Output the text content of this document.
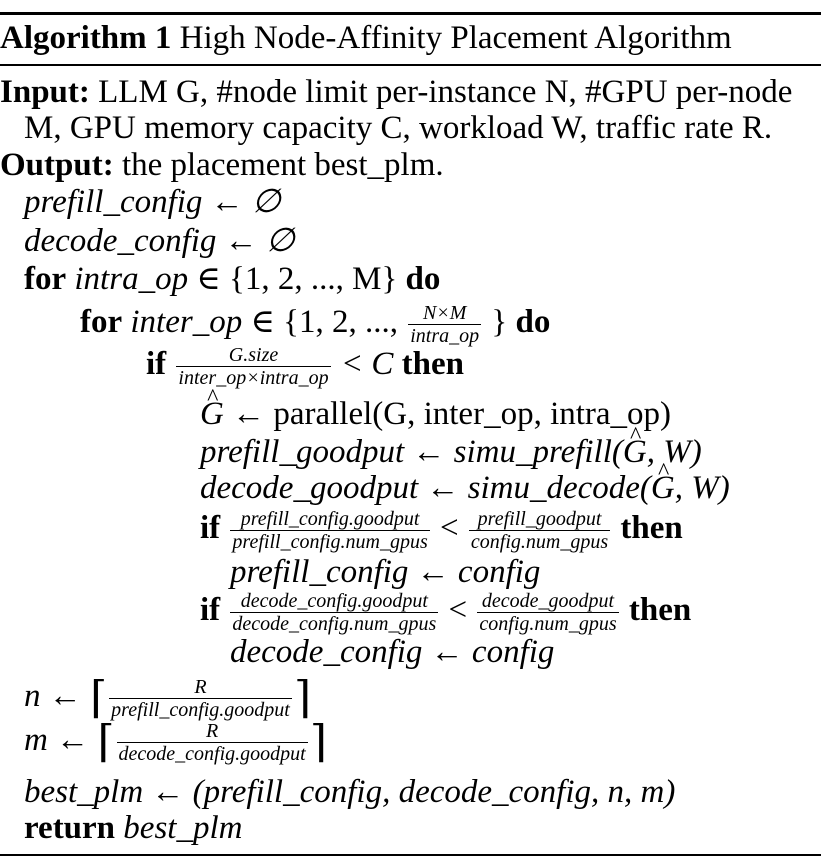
Algorithm 1 High Node-Affinity Placement Algorithm
Input: LLM G, #node limit per-instance N, #GPU per-node
M, GPU memory capacity C, workload W, traffic rate R.
Output: the placement best_plm.
prefill_config ← ∅
decode_config ← ∅
for intra_op ∈ {1, 2, ..., M} do
for inter_op ∈ {1, 2, ..., $\frac{N\times M}{\text{intra\_op}}$ } do
if $\frac{\text{G.size}}{\text{inter\_op×intra\_op}} < C$ then
^ G ← parallel(G, inter_op, intra_op)
prefill_goodput ← simu_prefill(^ G, W)
decode_goodput ← simu_decode(^ G, W)
if $\frac{\text{prefill\_config.goodput}}{\text{prefill\_config.num\_gpus}} < \frac{\text{prefill\_goodput}}{\text{config.num\_gpus}}$ then
prefill_config ← config
if $\frac{\text{decode\_config.goodput}}{\text{decode\_config.num\_gpus}} < \frac{\text{decode\_goodput}}{\text{config.num\_gpus}}$ then
decode_config ← config
n ← ⌈ $\frac{R}{\text{prefill\_config.goodput}}$ ⌉
m ← ⌈ $\frac{R}{\text{decode\_config.goodput}}$ ⌉
best_plm ← (prefill_config, decode_config, n, m)
return best_plm
